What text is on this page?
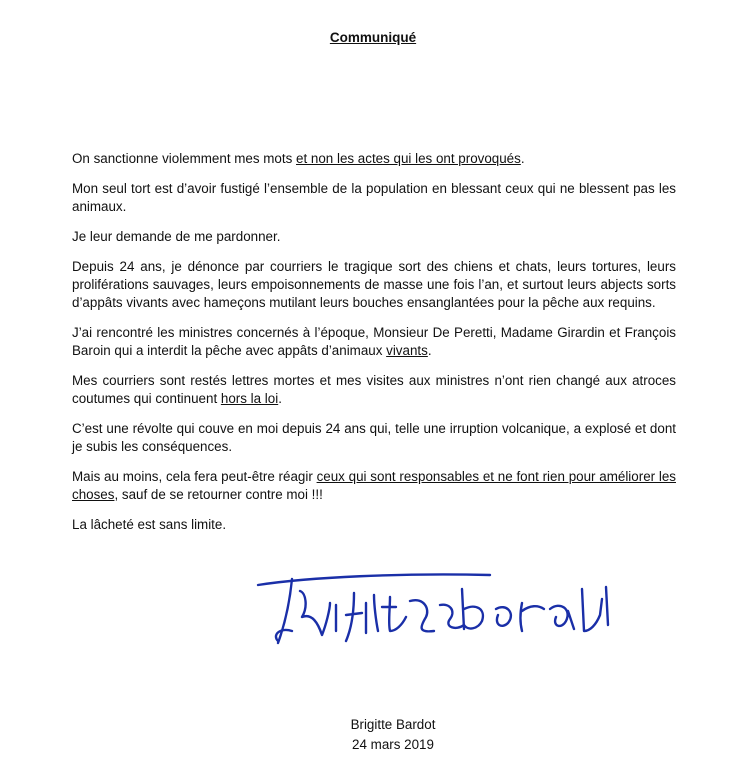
Communiqué

On sanctionne violemment mes mots et non les actes qui les ont provoqués.

Mon seul tort est d’avoir fustigé l’ensemble de la population en blessant ceux qui ne blessent pas les animaux.

Je leur demande de me pardonner.

Depuis 24 ans, je dénonce par courriers le tragique sort des chiens et chats, leurs tortures, leurs proliférations sauvages, leurs empoisonnements de masse une fois l’an, et surtout leurs abjects sorts d’appâts vivants avec hameçons mutilant leurs bouches ensanglantées pour la pêche aux requins.

J’ai rencontré les ministres concernés à l’époque, Monsieur De Peretti, Madame Girardin et François Baroin qui a interdit la pêche avec appâts d’animaux vivants.

Mes courriers sont restés lettres mortes et mes visites aux ministres n’ont rien changé aux atroces coutumes qui continuent hors la loi.

C’est une révolte qui couve en moi depuis 24 ans qui, telle une irruption volcanique, a explosé et dont je subis les conséquences.

Mais au moins, cela fera peut-être réagir ceux qui sont responsables et ne font rien pour améliorer les choses, sauf de se retourner contre moi !!!

La lâcheté est sans limite.

Brigitte Bardot
24 mars 2019
